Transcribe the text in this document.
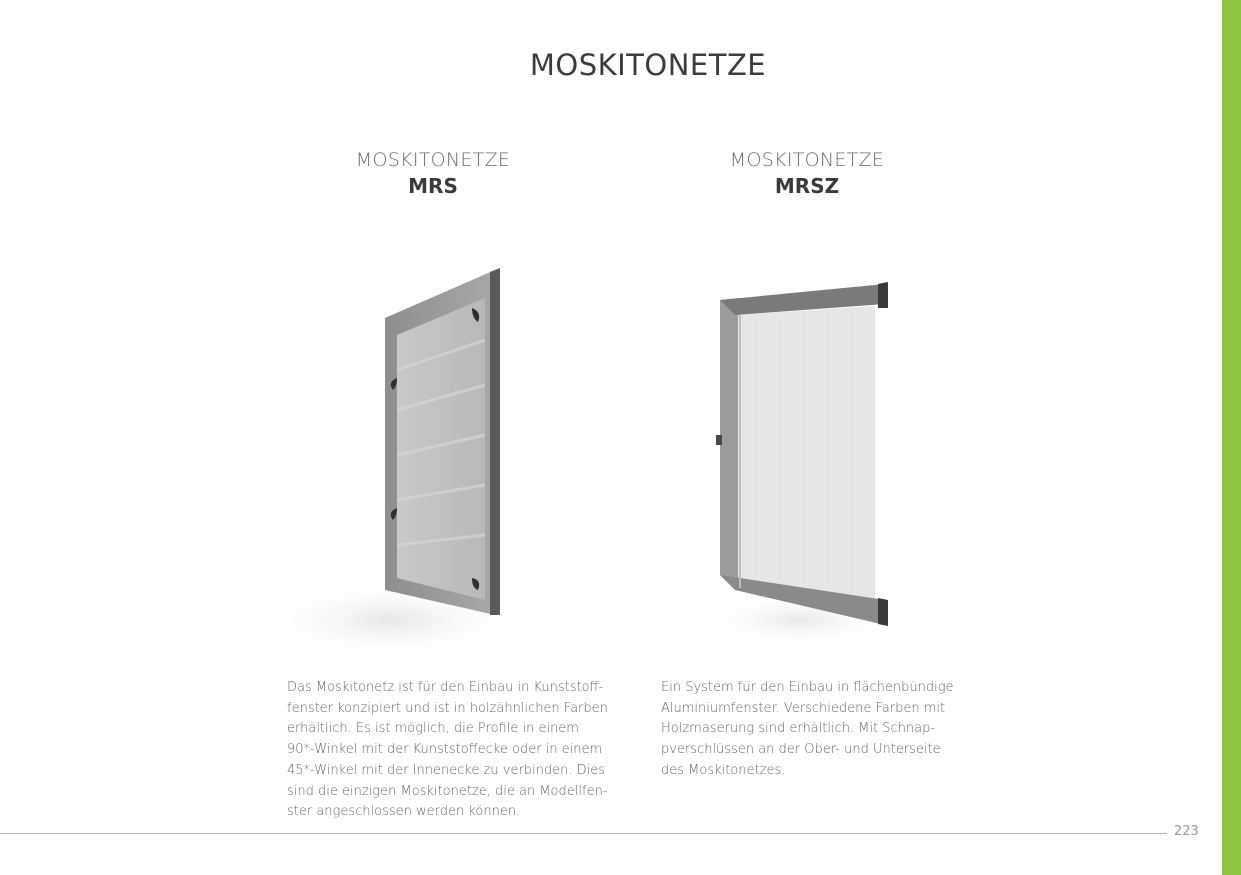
MOSKITONETZE
MOSKITONETZE
MRS
MOSKITONETZE
MRSZ
Das Moskitonetz ist für den Einbau in Kunststoff-
fenster konzipiert und ist in holzähnlichen Farben
erhältlich. Es ist möglich, die Profile in einem
90*-Winkel mit der Kunststoffecke oder in einem
45*-Winkel mit der Innenecke zu verbinden. Dies
sind die einzigen Moskitonetze, die an Modellfen-
ster angeschlossen werden können.
Ein System für den Einbau in flächenbündige
Aluminiumfenster. Verschiedene Farben mit
Holzmaserung sind erhältlich. Mit Schnap-
pverschlüssen an der Ober- und Unterseite
des Moskitonetzes.
223
